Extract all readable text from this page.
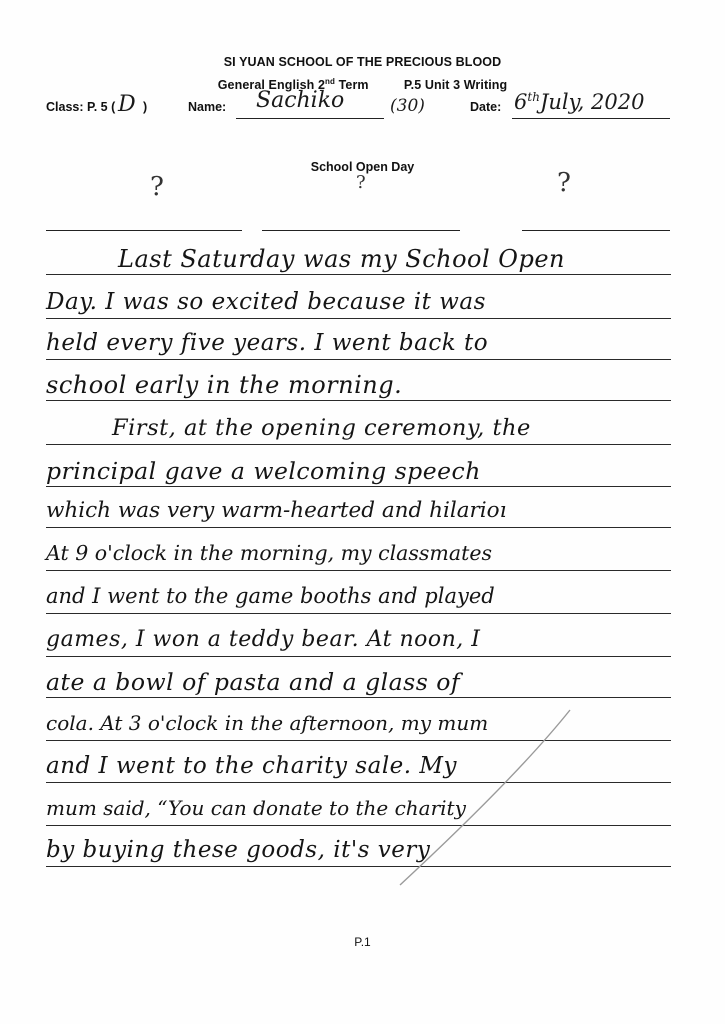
SI YUAN SCHOOL OF THE PRECIOUS BLOOD
General English 2nd Term	P.5 Unit 3 Writing
Class: P. 5 ( D )	Name: Sachiko	(30)	Date: 6thJuly, 2020
School Open Day
?	?	?
Last Saturday was my School Open
Day. I was so excited because it was
held every five years. I went back to
school early in the morning.
First, at the opening ceremony, the
principal gave a welcoming speech
which was very warm-hearted and hilarioı
At 9 o'clock in the morning, my classmates
and I went to the game booths and played
games, I won a teddy bear. At noon, I
ate a bowl of pasta and a glass of
cola. At 3 o'clock in the afternoon, my mum
and I went to the charity sale. My
mum said, “You can donate to the charity
by buying these goods, it's very
P.1
